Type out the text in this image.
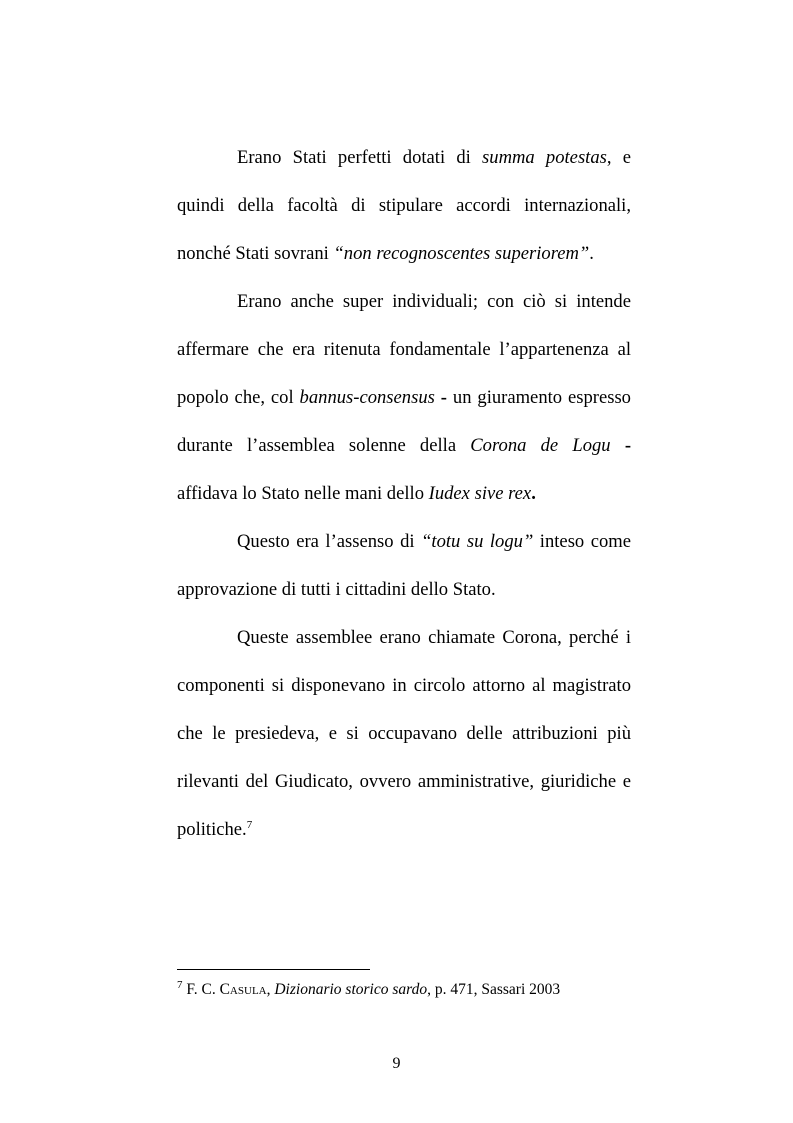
Erano Stati perfetti dotati di summa potestas, e
quindi della facoltà di stipulare accordi internazionali,
nonché Stati sovrani “non recognoscentes superiorem”.
Erano anche super individuali; con ciò si intende
affermare che era ritenuta fondamentale l’appartenenza al
popolo che, col bannus-consensus - un giuramento espresso
durante l’assemblea solenne della Corona de Logu -
affidava lo Stato nelle mani dello Iudex sive rex.
Questo era l’assenso di “totu su logu” inteso come
approvazione di tutti i cittadini dello Stato.
Queste assemblee erano chiamate Corona, perché i
componenti si disponevano in circolo attorno al magistrato
che le presiedeva, e si occupavano delle attribuzioni più
rilevanti del Giudicato, ovvero amministrative, giuridiche e
politiche.$^7$
$^7$ F. C. Casula, Dizionario storico sardo, p. 471, Sassari 2003
9
